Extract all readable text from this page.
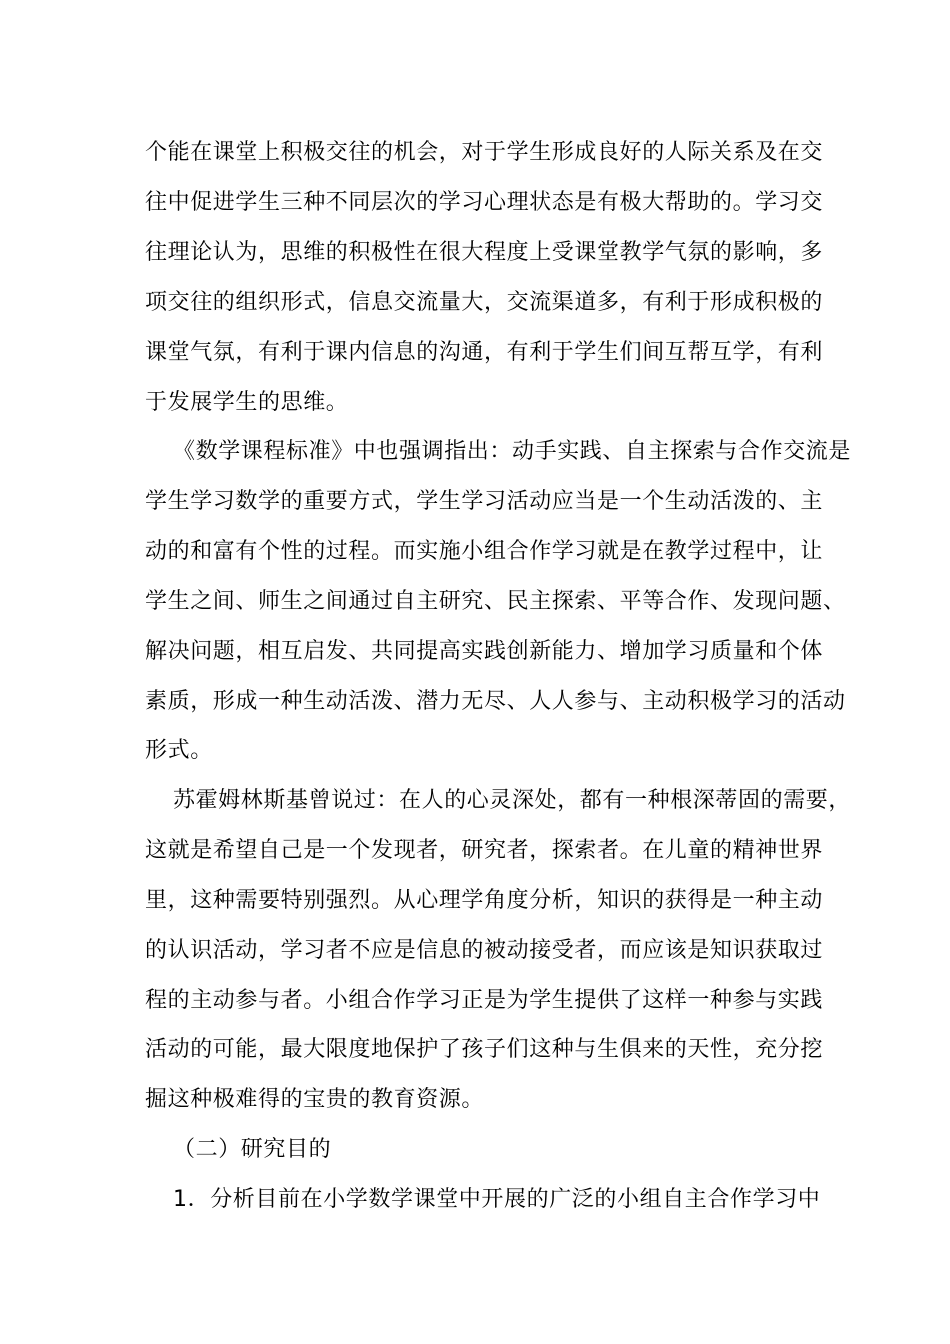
个能在课堂上积极交往的机会，对于学生形成良好的人际关系及在交
往中促进学生三种不同层次的学习心理状态是有极大帮助的。学习交
往理论认为，思维的积极性在很大程度上受课堂教学气氛的影响，多
项交往的组织形式，信息交流量大，交流渠道多，有利于形成积极的
课堂气氛，有利于课内信息的沟通，有利于学生们间互帮互学，有利
于发展学生的思维。
《数学课程标准》中也强调指出：动手实践、自主探索与合作交流是
学生学习数学的重要方式，学生学习活动应当是一个生动活泼的、主
动的和富有个性的过程。而实施小组合作学习就是在教学过程中，让
学生之间、师生之间通过自主研究、民主探索、平等合作、发现问题、
解决问题，相互启发、共同提高实践创新能力、增加学习质量和个体
素质，形成一种生动活泼、潜力无尽、人人参与、主动积极学习的活动
形式。
苏霍姆林斯基曾说过：在人的心灵深处，都有一种根深蒂固的需要，
这就是希望自己是一个发现者，研究者，探索者。在儿童的精神世界
里，这种需要特别强烈。从心理学角度分析，知识的获得是一种主动
的认识活动，学习者不应是信息的被动接受者，而应该是知识获取过
程的主动参与者。小组合作学习正是为学生提供了这样一种参与实践
活动的可能，最大限度地保护了孩子们这种与生俱来的天性，充分挖
掘这种极难得的宝贵的教育资源。
（二）研究目的
1．分析目前在小学数学课堂中开展的广泛的小组自主合作学习中
